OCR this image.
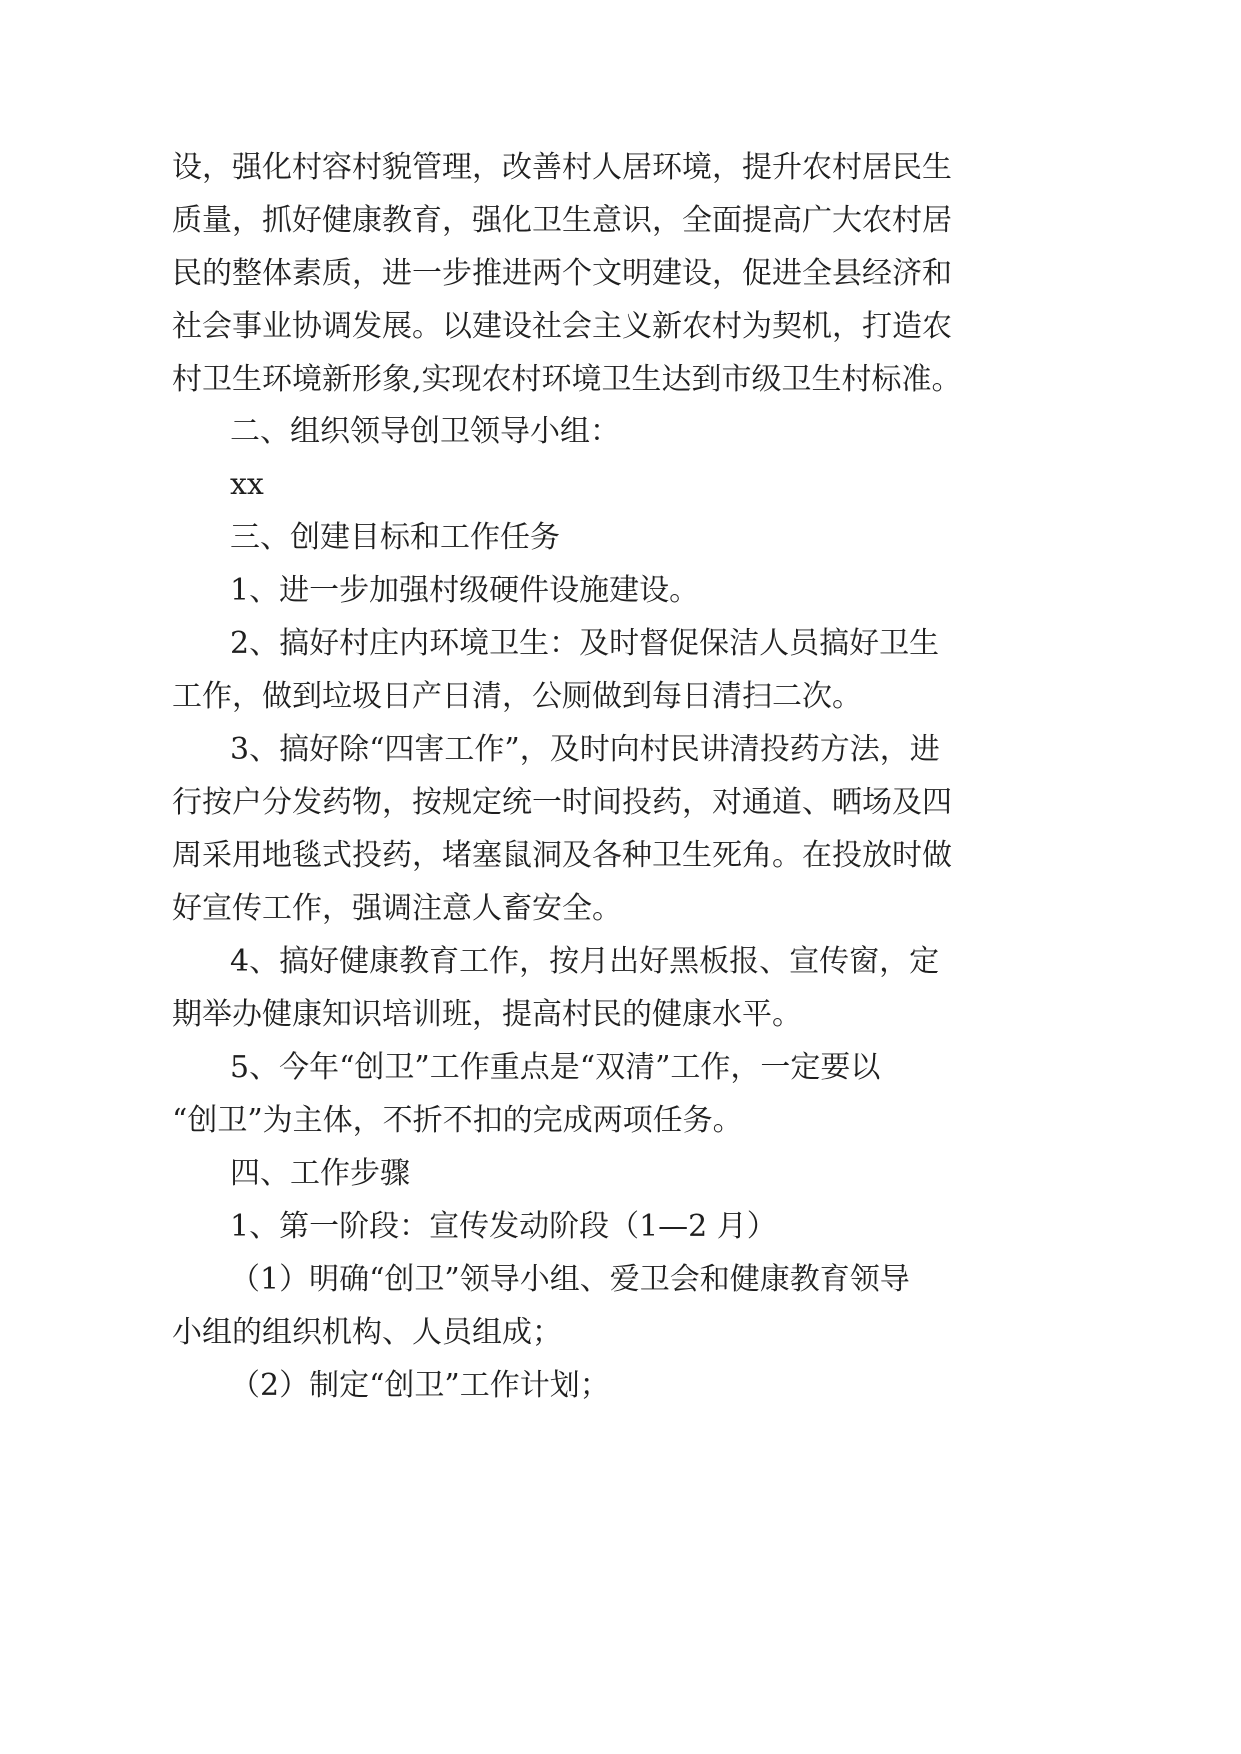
设，强化村容村貌管理，改善村人居环境，提升农村居民生

质量，抓好健康教育，强化卫生意识，全面提高广大农村居

民的整体素质，进一步推进两个文明建设，促进全县经济和

社会事业协调发展。以建设社会主义新农村为契机，打造农

村卫生环境新形象,实现农村环境卫生达到市级卫生村标准。

二、组织领导创卫领导小组：

xx

三、创建目标和工作任务

1、进一步加强村级硬件设施建设。

2、搞好村庄内环境卫生：及时督促保洁人员搞好卫生

工作，做到垃圾日产日清，公厕做到每日清扫二次。

3、搞好除“四害工作”，及时向村民讲清投药方法，进

行按户分发药物，按规定统一时间投药，对通道、晒场及四

周采用地毯式投药，堵塞鼠洞及各种卫生死角。在投放时做

好宣传工作，强调注意人畜安全。

4、搞好健康教育工作，按月出好黑板报、宣传窗，定

期举办健康知识培训班，提高村民的健康水平。

5、今年“创卫”工作重点是“双清”工作，一定要以

“创卫”为主体，不折不扣的完成两项任务。

四、工作步骤

1、第一阶段：宣传发动阶段（1—2 月）

（1）明确“创卫”领导小组、爱卫会和健康教育领导

小组的组织机构、人员组成；

（2）制定“创卫”工作计划；
